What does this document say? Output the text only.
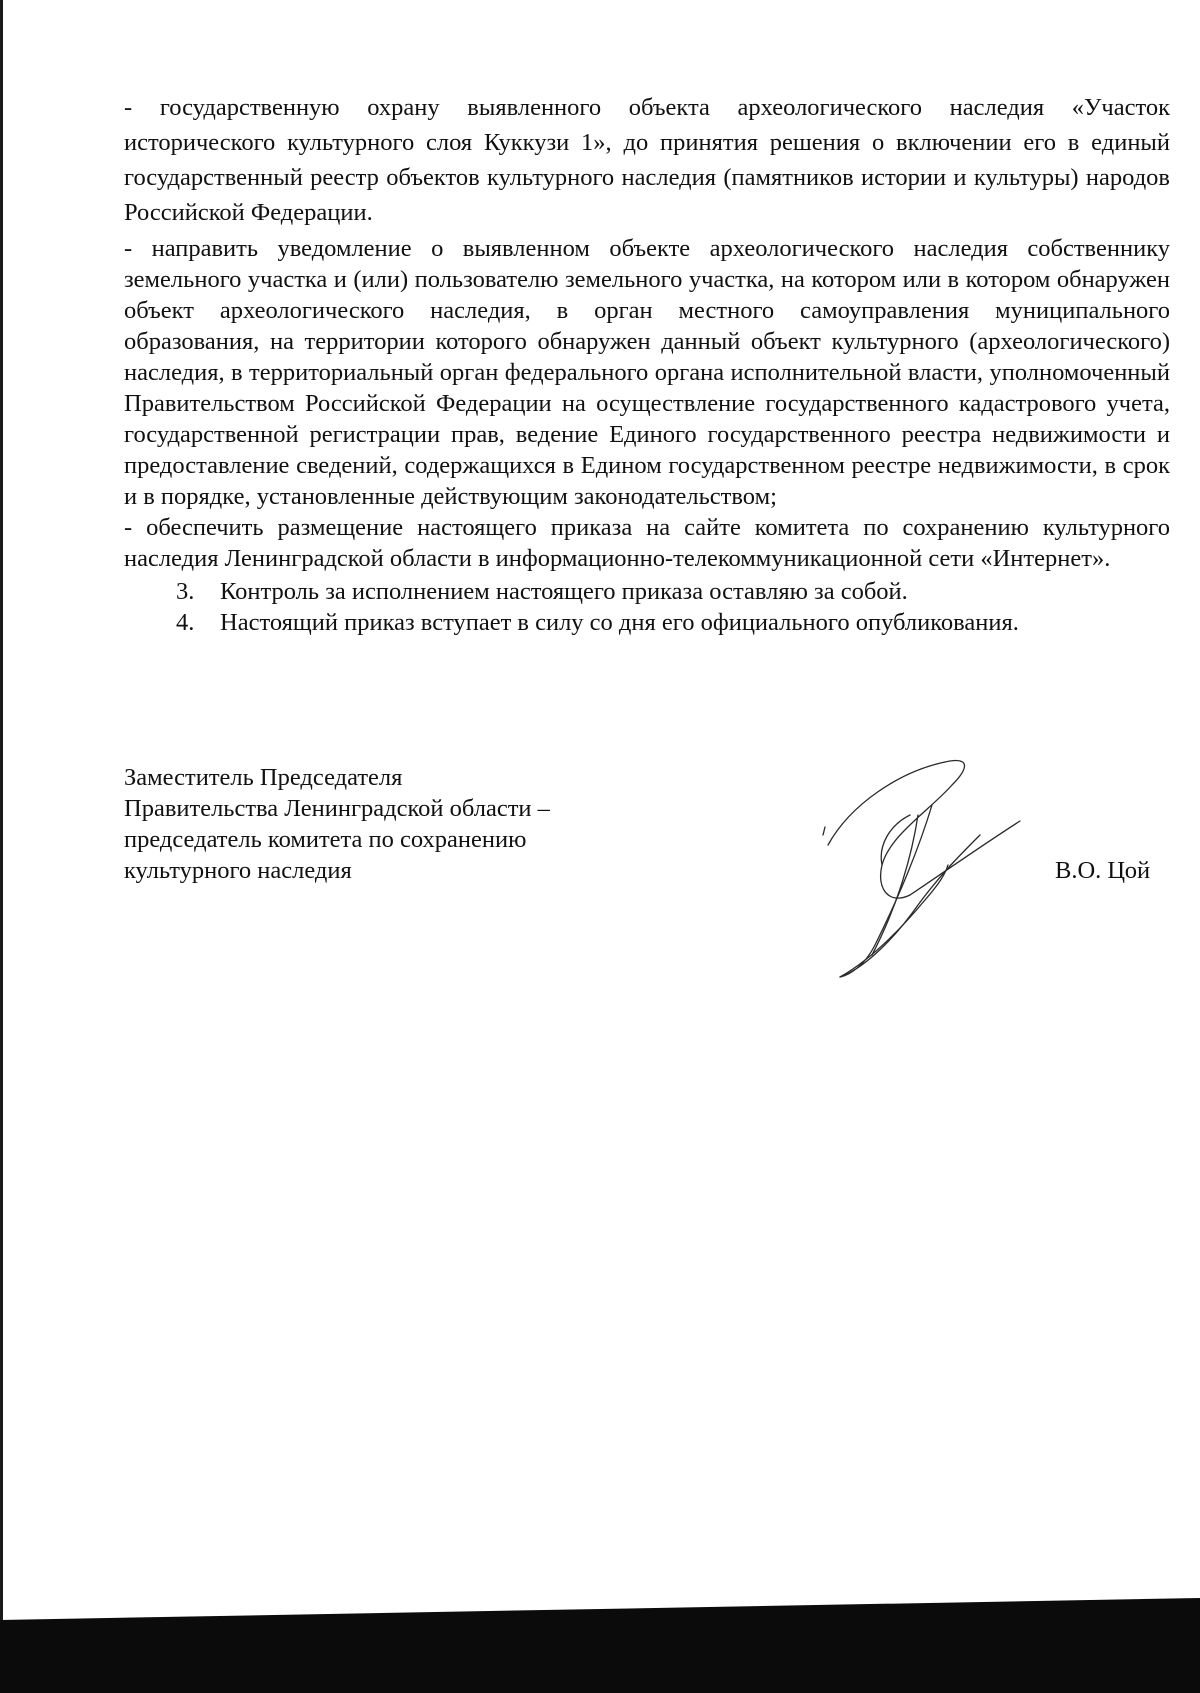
- государственную охрану выявленного объекта археологического наследия «Участок исторического культурного слоя Куккузи 1», до принятия решения о включении его в единый государственный реестр объектов культурного наследия (памятников истории и культуры) народов Российской Федерации.

- направить уведомление о выявленном объекте археологического наследия собственнику земельного участка и (или) пользователю земельного участка, на котором или в котором обнаружен объект археологического наследия, в орган местного самоуправления муниципального образования, на территории которого обнаружен данный объект культурного (археологического) наследия, в территориальный орган федерального органа исполнительной власти, уполномоченный Правительством Российской Федерации на осуществление государственного кадастрового учета, государственной регистрации прав, ведение Единого государственного реестра недвижимости и предоставление сведений, содержащихся в Едином государственном реестре недвижимости, в срок и в порядке, установленные действующим законодательством;

- обеспечить размещение настоящего приказа на сайте комитета по сохранению культурного наследия Ленинградской области в информационно-телекоммуникационной сети «Интернет».

3. Контроль за исполнением настоящего приказа оставляю за собой.
4. Настоящий приказ вступает в силу со дня его официального опубликования.
Заместитель Председателя
Правительства Ленинградской области –
председатель комитета по сохранению
культурного наследия	В.О. Цой
